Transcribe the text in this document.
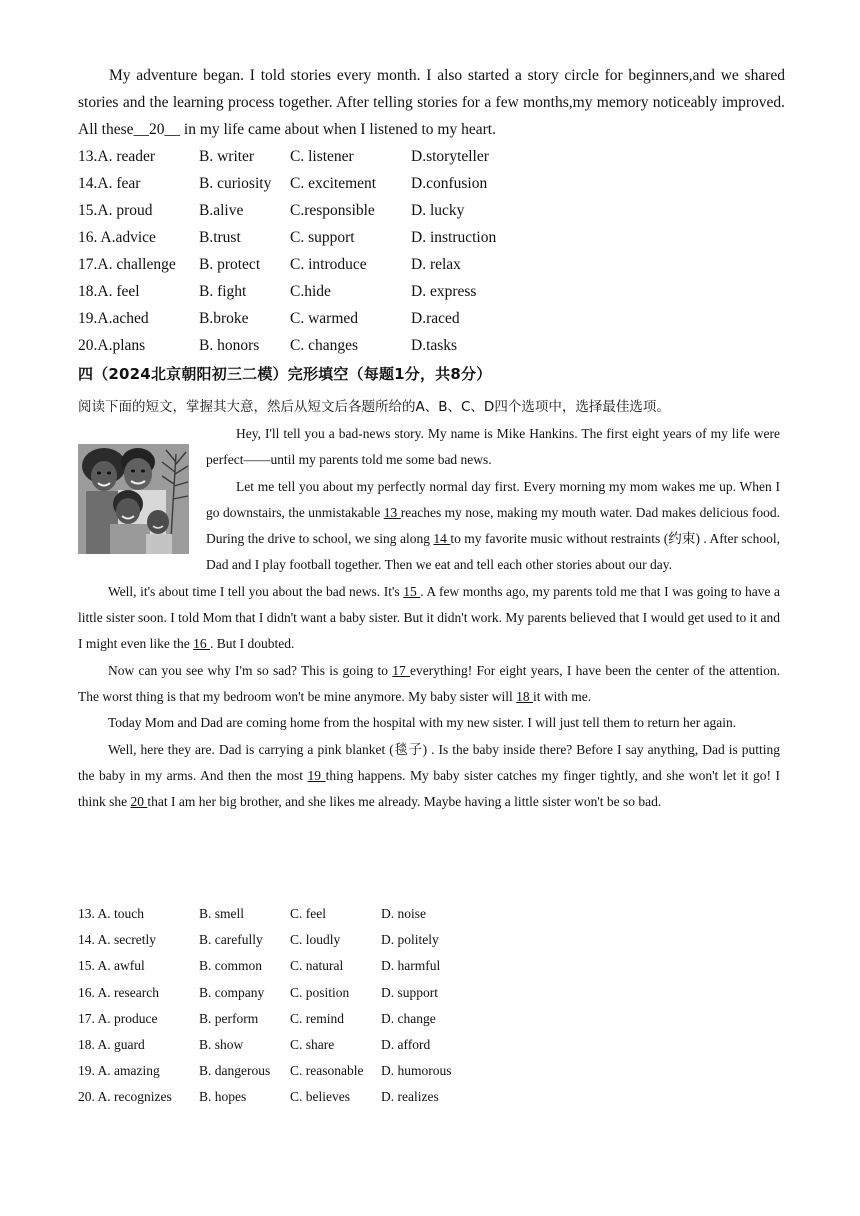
My adventure began. I told stories every month. I also started a story circle for beginners,and we shared stories and the learning process together. After telling stories for a few months,my memory noticeably improved. All these__20__ in my life came about when I listened to my heart.

13.A. reader	B. writer	C. listener	D.storyteller
14.A. fear	B. curiosity	C. excitement	D.confusion
15.A. proud	B.alive	C.responsible	D. lucky
16. A.advice	B.trust	C. support	D. instruction
17.A. challenge	B. protect	C. introduce	D. relax
18.A. feel	B. fight	C.hide	D. express
19.A.ached	B.broke	C. warmed	D.raced
20.A.plans	B. honors	C. changes	D.tasks
四（2024北京朝阳初三二模）完形填空（每题1分，共8分）
阅读下面的短文，掌握其大意，然后从短文后各题所给的A、B、C、D四个选项中，选择最佳选项。

Hey, I'll tell you a bad-news story. My name is Mike Hankins. The first eight years of my life were perfect——until my parents told me some bad news.

Let me tell you about my perfectly normal day first. Every morning my mom wakes me up. When I go downstairs, the unmistakable 13 reaches my nose, making my mouth water. Dad makes delicious food. During the drive to school, we sing along 14 to my favorite music without restraints (约束) . After school, Dad and I play football together. Then we eat and tell each other stories about our day.

Well, it's about time I tell you about the bad news. It's 15 . A few months ago, my parents told me that I was going to have a little sister soon. I told Mom that I didn't want a baby sister. But it didn't work. My parents believed that I would get used to it and I might even like the 16 . But I doubted.

Now can you see why I'm so sad? This is going to 17 everything! For eight years, I have been the center of the attention. The worst thing is that my bedroom won't be mine anymore. My baby sister will 18 it with me.

Today Mom and Dad are coming home from the hospital with my new sister. I will just tell them to return her again.

Well, here they are. Dad is carrying a pink blanket (毯子) . Is the baby inside there? Before I say anything, Dad is putting the baby in my arms. And then the most 19 thing happens. My baby sister catches my finger tightly, and she won't let it go! I think she 20 that I am her big brother, and she likes me already. Maybe having a little sister won't be so bad.

13. A. touch	B. smell	C. feel	D. noise
14. A. secretly	B. carefully	C. loudly	D. politely
15. A. awful	B. common	C. natural	D. harmful
16. A. research	B. company	C. position	D. support
17. A. produce	B. perform	C. remind	D. change
18. A. guard	B. show	C. share	D. afford
19. A. amazing	B. dangerous	C. reasonable	D. humorous
20. A. recognizes	B. hopes	C. believes	D. realizes
